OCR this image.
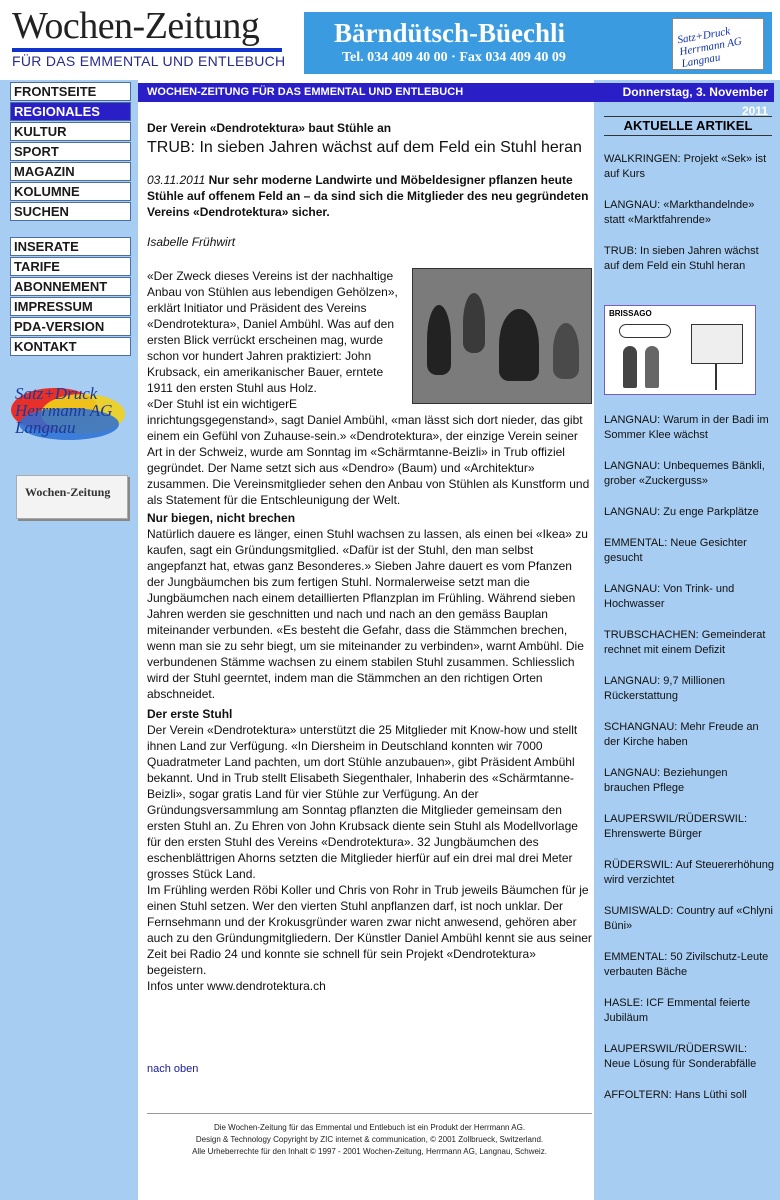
Wochen-Zeitung
FÜR DAS EMMENTAL UND ENTLEBUCH
Bärndütsch-Büechli
Tel. 034 409 40 00 · Fax 034 409 40 09
Satz+Druck Herrmann AG Langnau
FRONTSEITE
REGIONALES
KULTUR
SPORT
MAGAZIN
KOLUMNE
SUCHEN
INSERATE
TARIFE
ABONNEMENT
IMPRESSUM
PDA-VERSION
KONTAKT
Satz+Druck Herrmann AG Langnau
Wochen-Zeitung
WOCHEN-ZEITUNG FÜR DAS EMMENTAL UND ENTLEBUCH
Der Verein «Dendrotektura» baut Stühle an
TRUB: In sieben Jahren wächst auf dem Feld ein Stuhl heran
03.11.2011 Nur sehr moderne Landwirte und Möbeldesigner pflanzen heute Stühle auf offenem Feld an – da sind sich die Mitglieder des neu gegründeten Vereins «Dendrotektura» sicher.
Isabelle Frühwirt

«Der Zweck dieses Vereins ist der nachhaltige Anbau von Stühlen aus lebendigen Gehölzen», erklärt Initiator und Präsident des Vereins «Dendrotektura», Daniel Ambühl. Was auf den ersten Blick verrückt erscheinen mag, wurde schon vor hundert Jahren praktiziert: John Krubsack, ein amerikanischer Bauer, erntete 1911 den ersten Stuhl aus Holz.

«Der Stuhl ist ein wichtigerE inrichtungsgegenstand», sagt Daniel Ambühl, «man lässt sich dort nieder, das gibt einem ein Gefühl von Zuhause-sein.» «Dendrotektura», der einzige Verein seiner Art in der Schweiz, wurde am Sonntag im «Schärmtanne-Beizli» in Trub offiziel gegründet. Der Name setzt sich aus «Dendro» (Baum) und «Architektur» zusammen. Die Vereinsmitglieder sehen den Anbau von Stühlen als Kunstform und als Statement für die Entschleunigung der Welt.

Nur biegen, nicht brechen

Natürlich dauere es länger, einen Stuhl wachsen zu lassen, als einen bei «Ikea» zu kaufen, sagt ein Gründungsmitglied. «Dafür ist der Stuhl, den man selbst angepfanzt hat, etwas ganz Besonderes.» Sieben Jahre dauert es vom Pfanzen der Jungbäumchen bis zum fertigen Stuhl. Normalerweise setzt man die Jungbäumchen nach einem detaillierten Pflanzplan im Frühling. Während sieben Jahren werden sie geschnitten und nach und nach an den gemäss Bauplan miteinander verbunden. «Es besteht die Gefahr, dass die Stämmchen brechen, wenn man sie zu sehr biegt, um sie miteinander zu verbinden», warnt Ambühl. Die verbundenen Stämme wachsen zu einem stabilen Stuhl zusammen. Schliesslich wird der Stuhl geerntet, indem man die Stämmchen an den richtigen Orten abschneidet.

Der erste Stuhl

Der Verein «Dendrotektura» unterstützt die 25 Mitglieder mit Know-how und stellt ihnen Land zur Verfügung. «In Diersheim in Deutschland konnten wir 7000 Quadratmeter Land pachten, um dort Stühle anzubauen», gibt Präsident Ambühl bekannt. Und in Trub stellt Elisabeth Siegenthaler, Inhaberin des «Schärmtanne-Beizli», sogar gratis Land für vier Stühle zur Verfügung. An der Gründungsversammlung am Sonntag pflanzten die Mitglieder gemeinsam den ersten Stuhl an. Zu Ehren von John Krubsack diente sein Stuhl als Modellvorlage für den ersten Stuhl des Vereins «Dendrotektura». 32 Jungbäumchen des eschenblättrigen Ahorns setzten die Mitglieder hierfür auf ein drei mal drei Meter grosses Stück Land.

Im Frühling werden Röbi Koller und Chris von Rohr in Trub jeweils Bäumchen für je einen Stuhl setzen. Wer den vierten Stuhl anpflanzen darf, ist noch unklar. Der Fernsehmann und der Krokusgründer waren zwar nicht anwesend, gehören aber auch zu den Gründungmitgliedern. Der Künstler Daniel Ambühl kennt sie aus seiner Zeit bei Radio 24 und konnte sie schnell für sein Projekt «Dendrotektura» begeistern.

Infos unter www.dendrotektura.ch

nach oben
Die Wochen-Zeitung für das Emmental und Entlebuch ist ein Produkt der Herrmann AG.
Design & Technology Copyright by ZIC internet & communication, © 2001 Zollbrueck, Switzerland.
Alle Urheberrechte für den Inhalt © 1997 - 2001 Wochen-Zeitung, Herrmann AG, Langnau, Schweiz.
Donnerstag, 3. November 2011
AKTUELLE ARTIKEL
WALKRINGEN: Projekt «Sek» ist auf Kurs
LANGNAU: «Markthandelnde» statt «Marktfahrende»
TRUB: In sieben Jahren wächst auf dem Feld ein Stuhl heran
BRISSAGO
LANGNAU: Warum in der Badi im Sommer Klee wächst
LANGNAU: Unbequemes Bänkli, grober «Zuckerguss»
LANGNAU: Zu enge Parkplätze
EMMENTAL: Neue Gesichter gesucht
LANGNAU: Von Trink- und Hochwasser
TRUBSCHACHEN: Gemeinderat rechnet mit einem Defizit
LANGNAU: 9,7 Millionen Rückerstattung
SCHANGNAU: Mehr Freude an der Kirche haben
LANGNAU: Beziehungen brauchen Pflege
LAUPERSWIL/RÜDERSWIL: Ehrenswerte Bürger
RÜDERSWIL: Auf Steuererhöhung wird verzichtet
SUMISWALD: Country auf «Chlyni Büni»
EMMENTAL: 50 Zivilschutz-Leute verbauten Bäche
HASLE: ICF Emmental feierte Jubiläum
LAUPERSWIL/RÜDERSWIL: Neue Lösung für Sonderabfälle
AFFOLTERN: Hans Lüthi soll
